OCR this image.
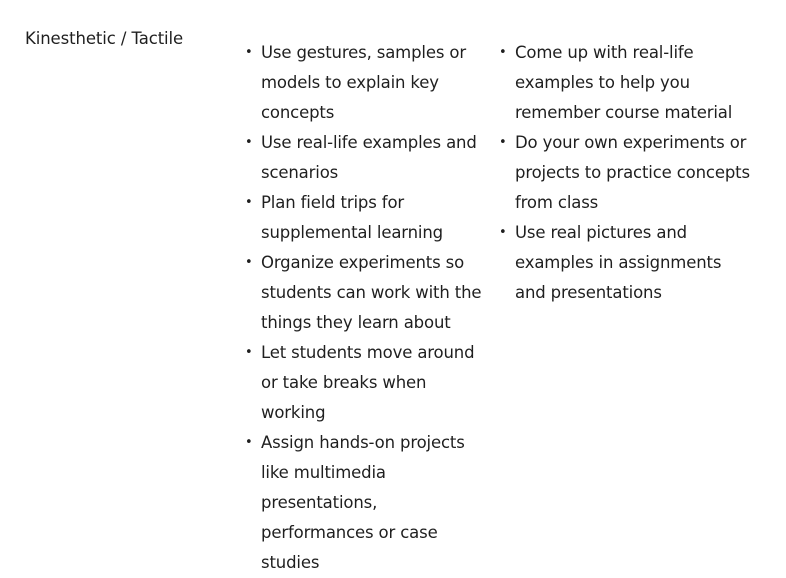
Kinesthetic / Tactile
• Use gestures, samples or models to explain key concepts
• Use real-life examples and scenarios
• Plan field trips for supplemental learning
• Organize experiments so students can work with the things they learn about
• Let students move around or take breaks when working
• Assign hands-on projects like multimedia presentations, performances or case studies
• Come up with real-life examples to help you remember course material
• Do your own experiments or projects to practice concepts from class
• Use real pictures and examples in assignments and presentations
